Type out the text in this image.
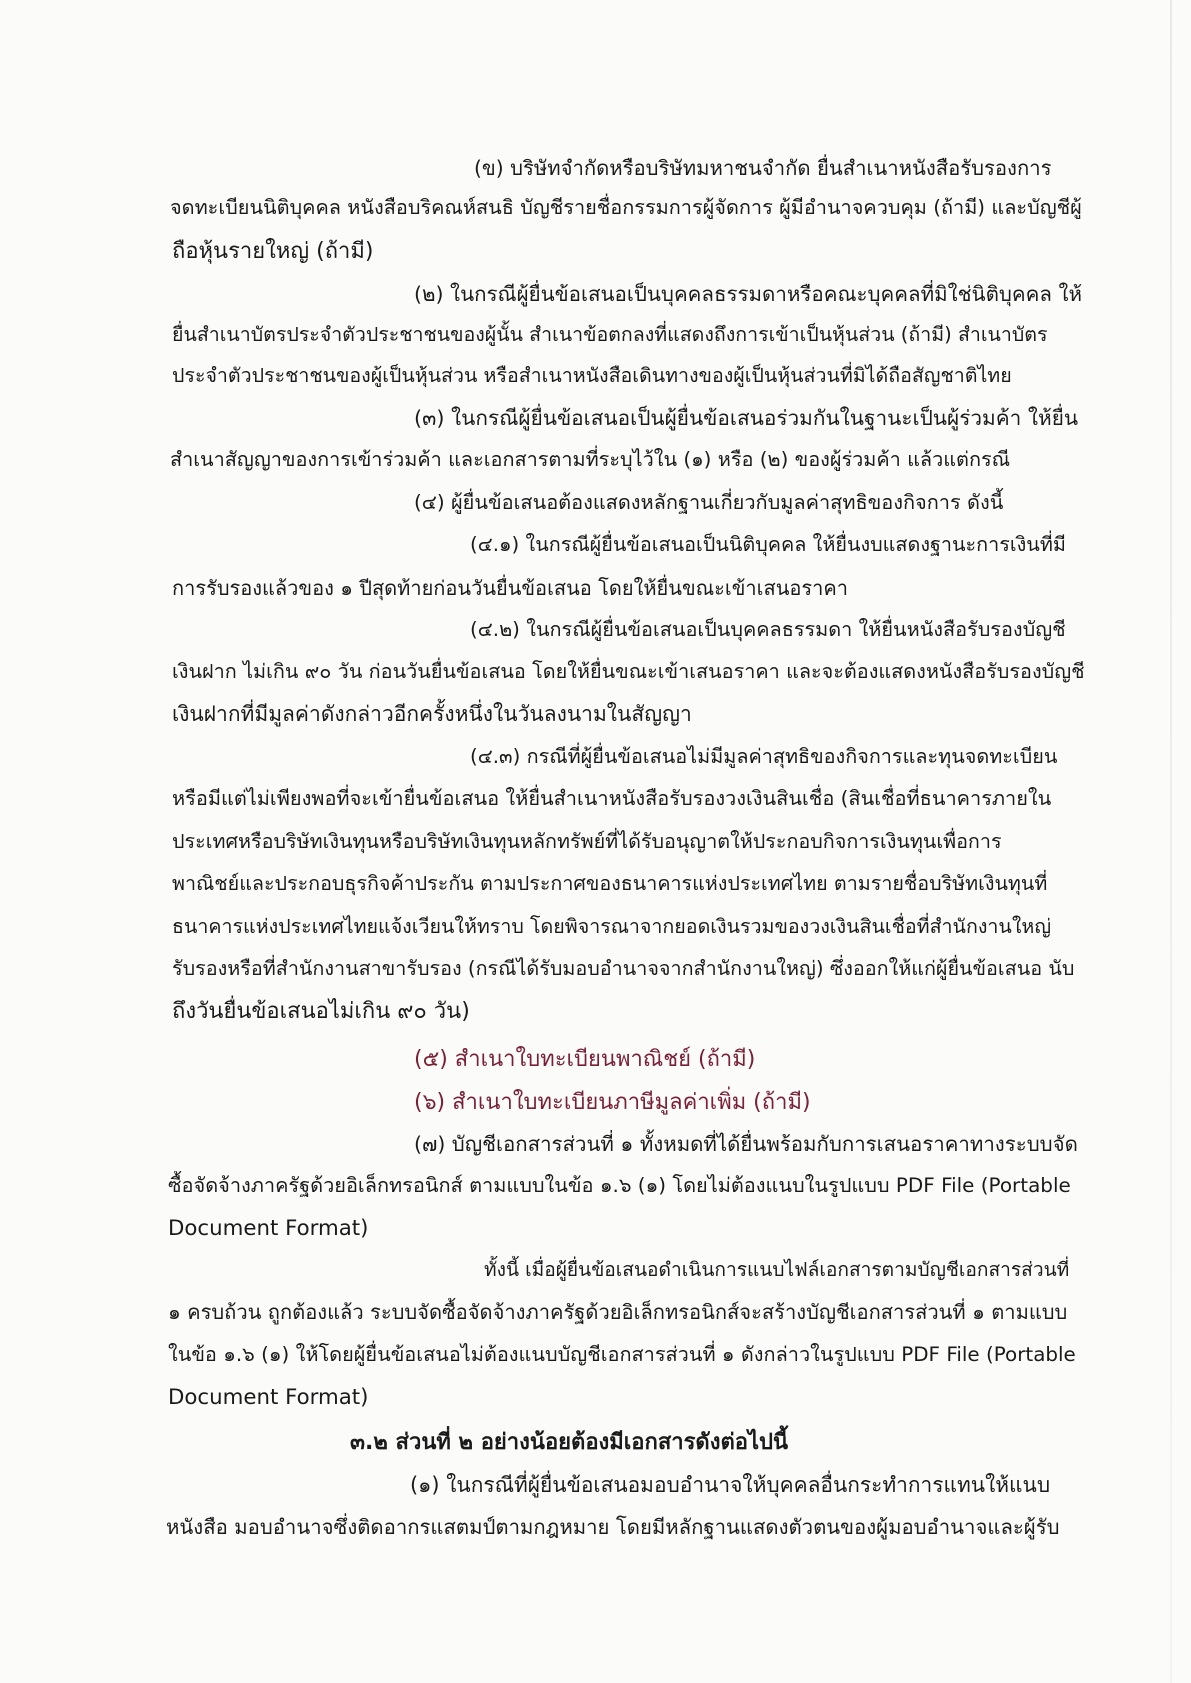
(ข) บริษัทจำกัดหรือบริษัทมหาชนจำกัด ยื่นสำเนาหนังสือรับรองการ
จดทะเบียนนิติบุคคล หนังสือบริคณห์สนธิ บัญชีรายชื่อกรรมการผู้จัดการ ผู้มีอำนาจควบคุม (ถ้ามี) และบัญชีผู้
ถือหุ้นรายใหญ่ (ถ้ามี)
(๒) ในกรณีผู้ยื่นข้อเสนอเป็นบุคคลธรรมดาหรือคณะบุคคลที่มิใช่นิติบุคคล ให้
ยื่นสำเนาบัตรประจำตัวประชาชนของผู้นั้น สำเนาข้อตกลงที่แสดงถึงการเข้าเป็นหุ้นส่วน (ถ้ามี) สำเนาบัตร
ประจำตัวประชาชนของผู้เป็นหุ้นส่วน หรือสำเนาหนังสือเดินทางของผู้เป็นหุ้นส่วนที่มิได้ถือสัญชาติไทย
(๓) ในกรณีผู้ยื่นข้อเสนอเป็นผู้ยื่นข้อเสนอร่วมกันในฐานะเป็นผู้ร่วมค้า ให้ยื่น
สำเนาสัญญาของการเข้าร่วมค้า และเอกสารตามที่ระบุไว้ใน (๑) หรือ (๒) ของผู้ร่วมค้า แล้วแต่กรณี
(๔) ผู้ยื่นข้อเสนอต้องแสดงหลักฐานเกี่ยวกับมูลค่าสุทธิของกิจการ ดังนี้
(๔.๑) ในกรณีผู้ยื่นข้อเสนอเป็นนิติบุคคล ให้ยื่นงบแสดงฐานะการเงินที่มี
การรับรองแล้วของ ๑ ปีสุดท้ายก่อนวันยื่นข้อเสนอ โดยให้ยื่นขณะเข้าเสนอราคา
(๔.๒) ในกรณีผู้ยื่นข้อเสนอเป็นบุคคลธรรมดา ให้ยื่นหนังสือรับรองบัญชี
เงินฝาก ไม่เกิน ๙๐ วัน ก่อนวันยื่นข้อเสนอ โดยให้ยื่นขณะเข้าเสนอราคา และจะต้องแสดงหนังสือรับรองบัญชี
เงินฝากที่มีมูลค่าดังกล่าวอีกครั้งหนึ่งในวันลงนามในสัญญา
(๔.๓) กรณีที่ผู้ยื่นข้อเสนอไม่มีมูลค่าสุทธิของกิจการและทุนจดทะเบียน
หรือมีแต่ไม่เพียงพอที่จะเข้ายื่นข้อเสนอ ให้ยื่นสำเนาหนังสือรับรองวงเงินสินเชื่อ (สินเชื่อที่ธนาคารภายใน
ประเทศหรือบริษัทเงินทุนหรือบริษัทเงินทุนหลักทรัพย์ที่ได้รับอนุญาตให้ประกอบกิจการเงินทุนเพื่อการ
พาณิชย์และประกอบธุรกิจค้าประกัน ตามประกาศของธนาคารแห่งประเทศไทย ตามรายชื่อบริษัทเงินทุนที่
ธนาคารแห่งประเทศไทยแจ้งเวียนให้ทราบ โดยพิจารณาจากยอดเงินรวมของวงเงินสินเชื่อที่สำนักงานใหญ่
รับรองหรือที่สำนักงานสาขารับรอง (กรณีได้รับมอบอำนาจจากสำนักงานใหญ่) ซึ่งออกให้แก่ผู้ยื่นข้อเสนอ นับ
ถึงวันยื่นข้อเสนอไม่เกิน ๙๐ วัน)
(๕) สำเนาใบทะเบียนพาณิชย์ (ถ้ามี)
(๖) สำเนาใบทะเบียนภาษีมูลค่าเพิ่ม (ถ้ามี)
(๗) บัญชีเอกสารส่วนที่ ๑ ทั้งหมดที่ได้ยื่นพร้อมกับการเสนอราคาทางระบบจัด
ซื้อจัดจ้างภาครัฐด้วยอิเล็กทรอนิกส์ ตามแบบในข้อ ๑.๖ (๑) โดยไม่ต้องแนบในรูปแบบ PDF File (Portable
Document Format)
ทั้งนี้ เมื่อผู้ยื่นข้อเสนอดำเนินการแนบไฟล์เอกสารตามบัญชีเอกสารส่วนที่
๑ ครบถ้วน ถูกต้องแล้ว ระบบจัดซื้อจัดจ้างภาครัฐด้วยอิเล็กทรอนิกส์จะสร้างบัญชีเอกสารส่วนที่ ๑ ตามแบบ
ในข้อ ๑.๖ (๑) ให้โดยผู้ยื่นข้อเสนอไม่ต้องแนบบัญชีเอกสารส่วนที่ ๑ ดังกล่าวในรูปแบบ PDF File (Portable
Document Format)
๓.๒ ส่วนที่ ๒ อย่างน้อยต้องมีเอกสารดังต่อไปนี้
(๑) ในกรณีที่ผู้ยื่นข้อเสนอมอบอำนาจให้บุคคลอื่นกระทำการแทนให้แนบ
หนังสือ มอบอำนาจซึ่งติดอากรแสตมป์ตามกฎหมาย โดยมีหลักฐานแสดงตัวตนของผู้มอบอำนาจและผู้รับ
